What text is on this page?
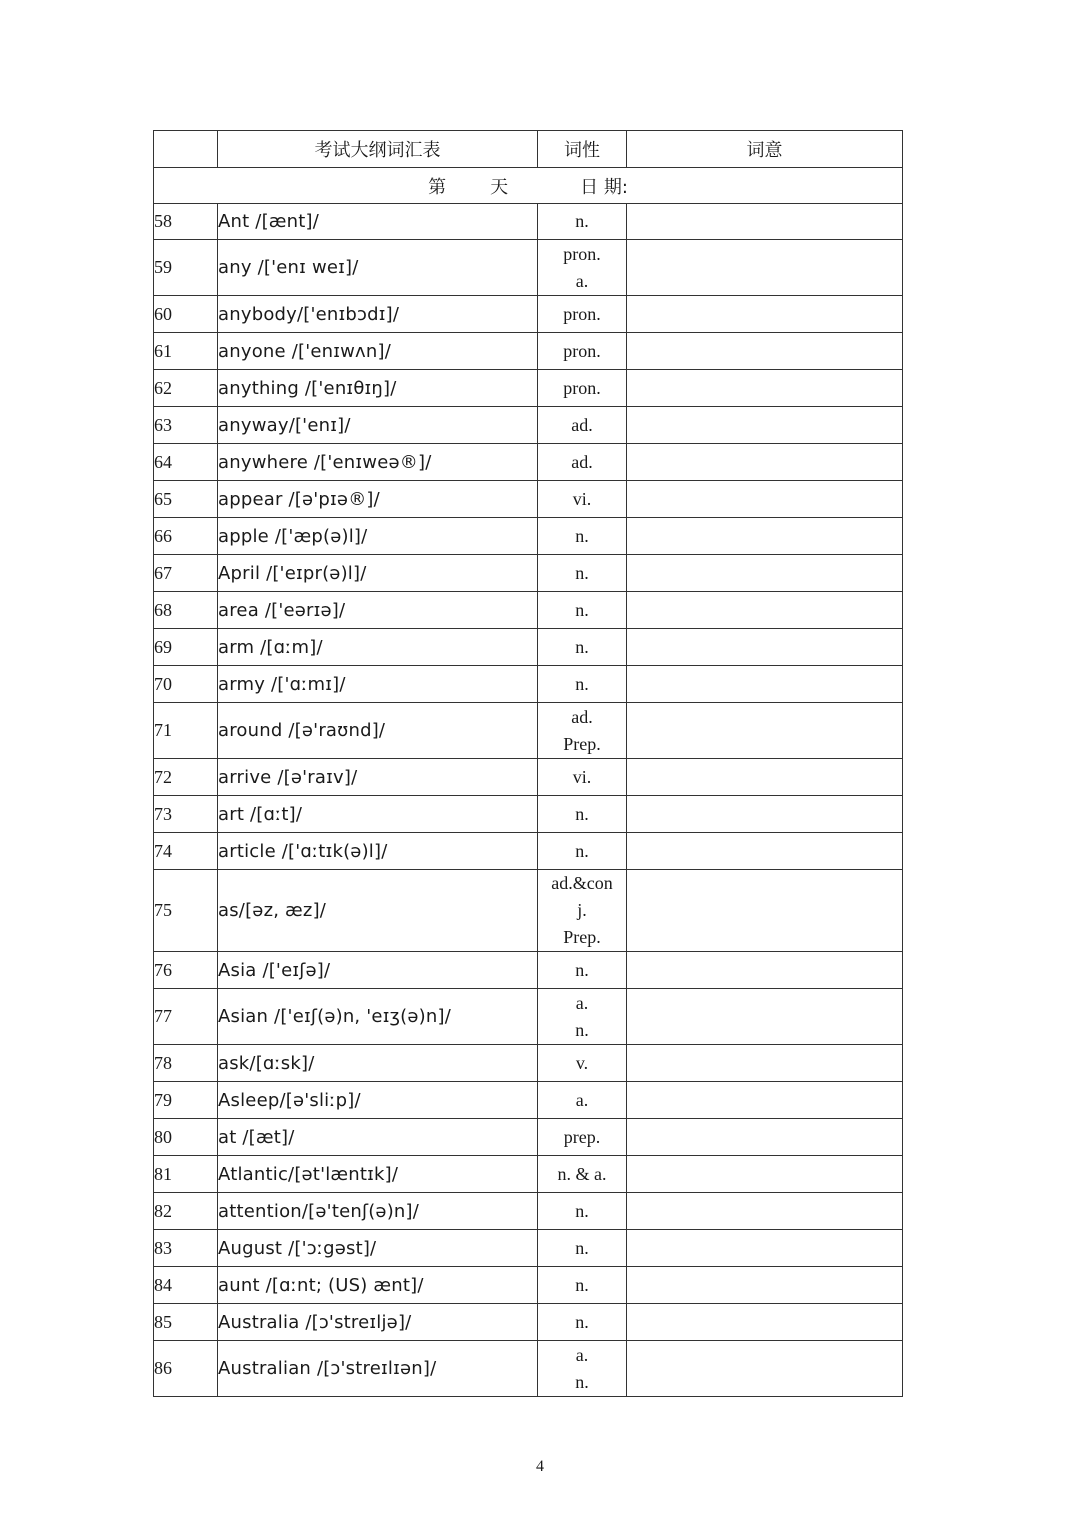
	考试大纲词汇表	词性	词意

第 天 日 期:			

58	Ant /[ænt]/	n.	

59	any /['enɪ weɪ]/	pron.
a.	

60	anybody/['enɪbɔdɪ]/	pron.	

61	anyone /['enɪwʌn]/	pron.	

62	anything /['enɪθɪŋ]/	pron.	

63	anyway/['enɪ]/	ad.	

64	anywhere /['enɪweə®]/	ad.	

65	appear /[ə'pɪə®]/	vi.	

66	apple /['æp(ə)l]/	n.	

67	April /['eɪpr(ə)l]/	n.	

68	area /['eərɪə]/	n.	

69	arm /[ɑːm]/	n.	

70	army /['ɑːmɪ]/	n.	

71	around /[ə'raʊnd]/	ad.
Prep.	

72	arrive /[ə'raɪv]/	vi.	

73	art /[ɑːt]/	n.	

74	article /['ɑːtɪk(ə)l]/	n.	

75	as/[əz, æz]/	ad.&con
j.
Prep.	

76	Asia /['eɪʃə]/	n.	

77	Asian /['eɪʃ(ə)n, 'eɪʒ(ə)n]/	a.
n.	

78	ask/[ɑːsk]/	v.	

79	Asleep/[ə'sliːp]/	a.	

80	at /[æt]/	prep.	

81	Atlantic/[ət'læntɪk]/	n. & a.	

82	attention/[ə'tenʃ(ə)n]/	n.	

83	August /['ɔːgəst]/	n.	

84	aunt /[ɑːnt; (US) ænt]/	n.	

85	Australia /[ɔ'streɪljə]/	n.	

86	Australian /[ɔ'streɪlɪən]/	a.
n.	

4
